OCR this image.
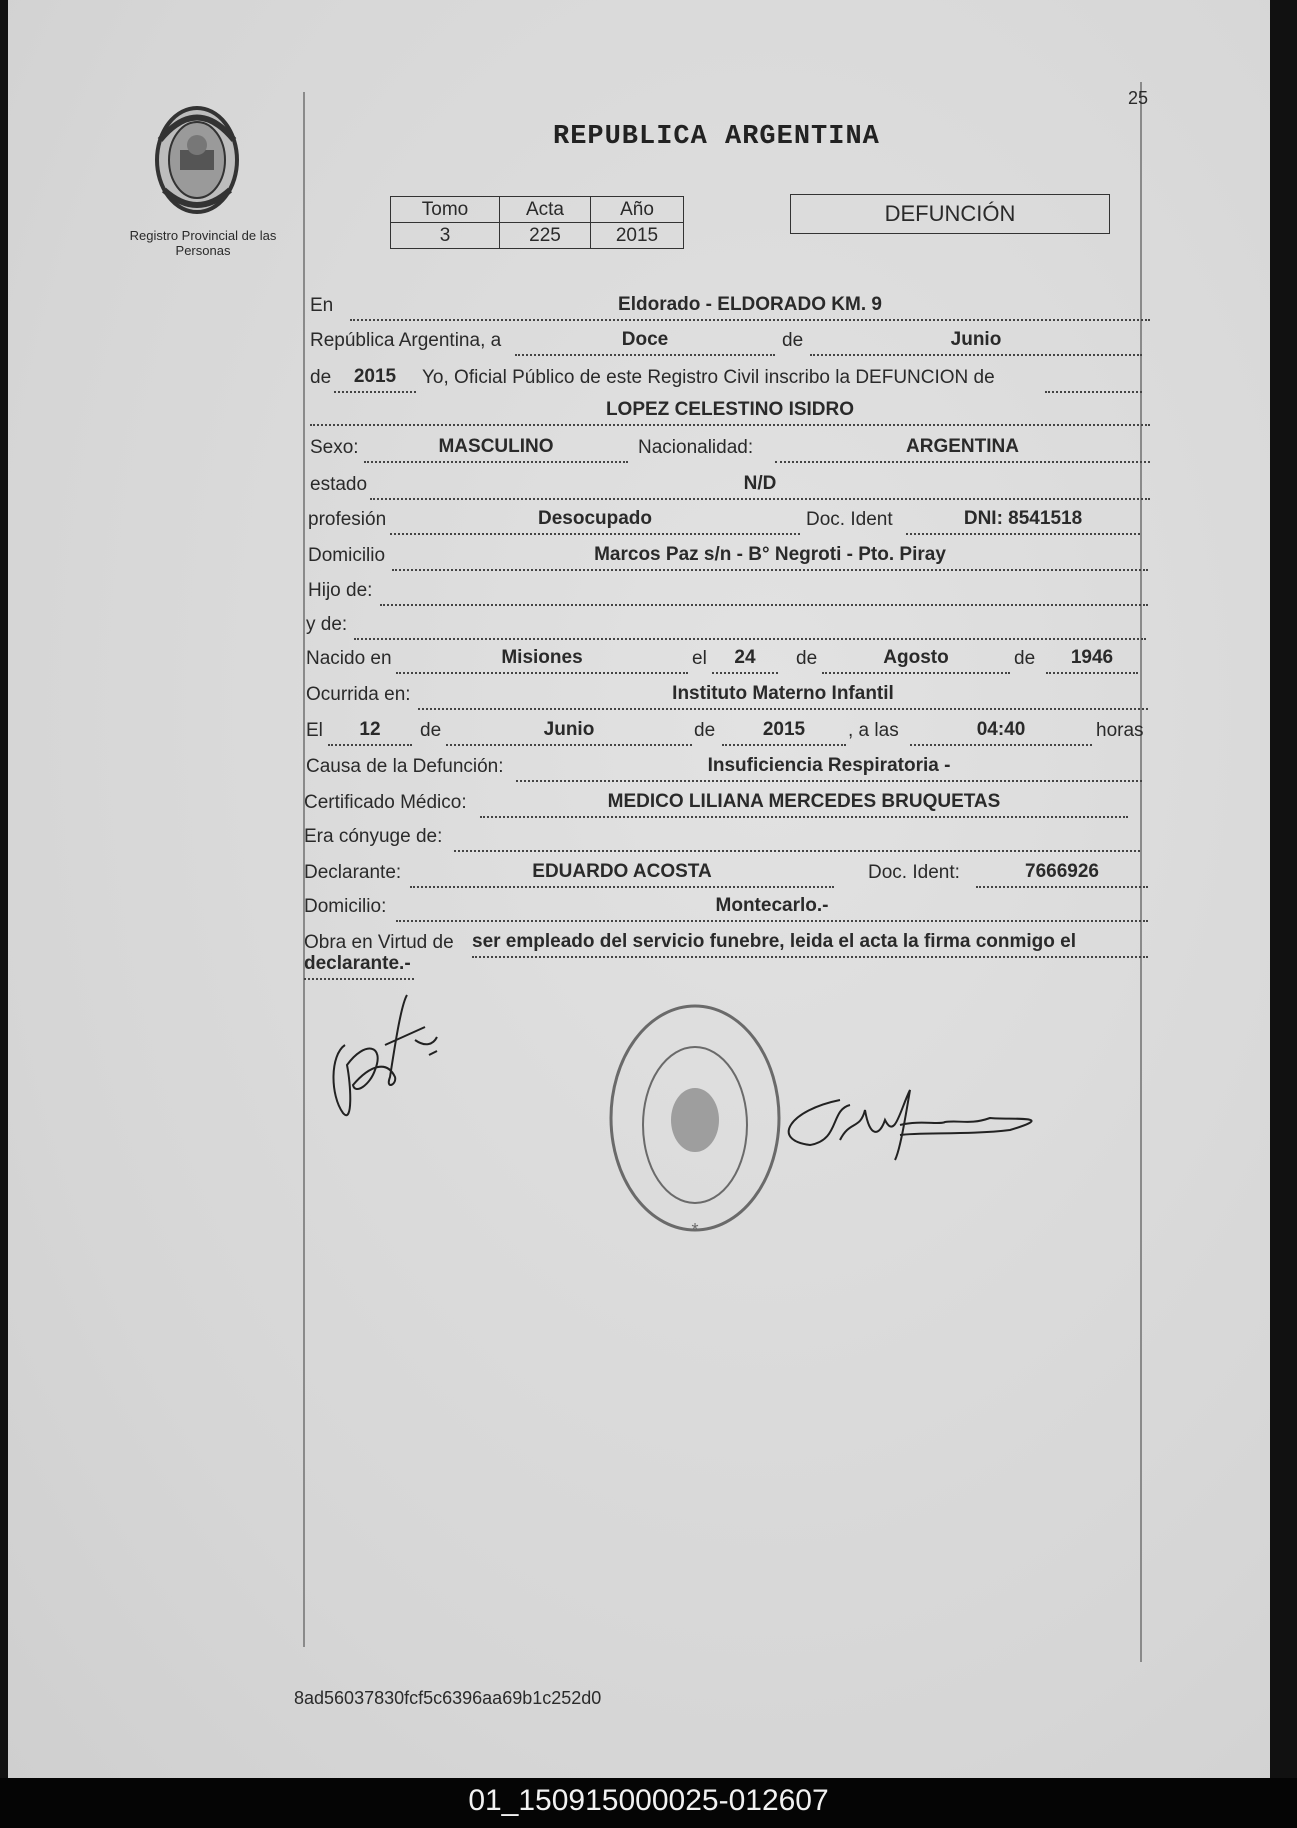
01_150915000025-012607
25
Registro Provincial de las Personas
REPUBLICA ARGENTINA
Tomo	Acta	Año
3	225	2015
DEFUNCIÓN
En	Eldorado - ELDORADO KM. 9
República Argentina, a	Doce	de	Junio
de	2015	Yo, Oficial Público de este Registro Civil inscribo la DEFUNCION de
LOPEZ CELESTINO ISIDRO
Sexo:	MASCULINO	Nacionalidad:	ARGENTINA
estado	N/D
profesión	Desocupado	Doc. Ident	DNI: 8541518
Domicilio	Marcos Paz s/n - B° Negroti - Pto. Piray
Hijo de:
y de:
Nacido en	Misiones	el	24	de	Agosto	de	1946
Ocurrida en:	Instituto Materno Infantil
El	12	de	Junio	de	2015	, a las	04:40	horas
Causa de la Defunción:	Insuficiencia Respiratoria -
Certificado Médico:	MEDICO LILIANA MERCEDES BRUQUETAS
Era cónyuge de:
Declarante:	EDUARDO ACOSTA	Doc. Ident:	7666926
Domicilio:	Montecarlo.-
Obra en Virtud de ser empleado del servicio funebre, leida el acta la firma conmigo el
declarante.-
*
8ad56037830fcf5c6396aa69b1c252d0
